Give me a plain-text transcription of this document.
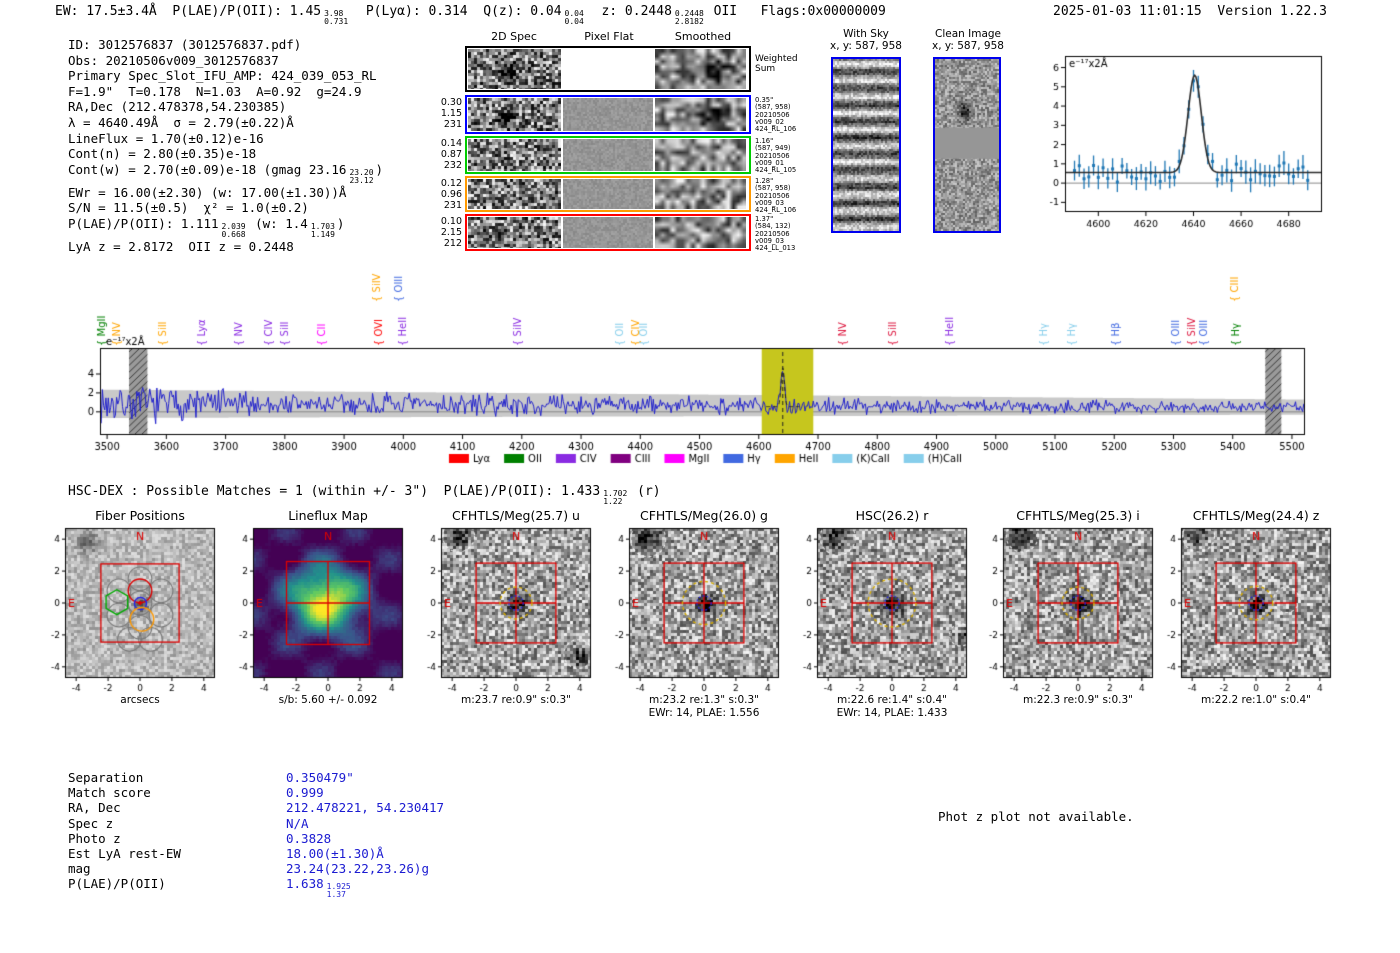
EW: 17.5±3.4Å  P(LAE)/P(OII): 1.45 3.98
0.731
P(Lyα): 0.314  Q(z): 0.04 0.04
0.04
z: 0.2448 0.2448
2.8182
OII   Flags:0x00000009	2025-01-03 11:01:15 Version 1.22.3
ID: 3012576837 (3012576837.pdf)
Obs: 20210506v009_3012576837
Primary Spec_Slot_IFU_AMP: 424_039_053_RL
F=1.9"  T=0.178  N=1.03  A=0.92  g=24.9
RA,Dec (212.478378,54.230385)
λ = 4640.49Å  σ = 2.79(±0.22)Å
LineFlux = 1.70(±0.12)e-16
Cont(n) = 2.80(±0.35)e-18
Cont(w) = 2.70(±0.09)e-18 (gmag 23.16 23.20
23.12
)
EWr = 16.00(±2.30) (w: 17.00(±1.30))Å
S/N = 11.5(±0.5)  χ² = 1.0(±0.2)
P(LAE)/P(OII): 1.111 2.039
0.668
(w: 1.4 1.703
1.149
)
LyA z = 2.8172  OII z = 0.2448
2D Spec	Pixel Flat	Smoothed
Weighted
Sum
0.30
1.15
231
0.35"
(587, 958)
20210506
v009_02
424_RL_106
0.14
0.87
232
1.16"
(587, 949)
20210506
v009_01
424_RL_105
0.12
0.96
231
1.28"
(587, 958)
20210506
v009_03
424_RL_106
0.10
2.15
212
1.37"
(584, 132)
20210506
v009_03
424_LL_013
With Sky
x, y: 587, 958
Clean Image
x, y: 587, 958
HSC-DEX : Possible Matches = 1 (within +/- 3")  P(LAE)/P(OII): 1.433 1.702
1.22
(r)
Fiber Positions
arcsecs
Lineflux Map
s/b: 5.60 +/- 0.092
CFHTLS/Meg(25.7) u
m:23.7 re:0.9" s:0.3"
CFHTLS/Meg(26.0) g
m:23.2 re:1.3" s:0.3"
EWr: 14, PLAE: 1.556
HSC(26.2) r
m:22.6 re:1.4" s:0.4"
EWr: 14, PLAE: 1.433
CFHTLS/Meg(25.3) i
m:22.3 re:0.9" s:0.3"
CFHTLS/Meg(24.4) z
m:22.2 re:1.0" s:0.4"
Separation	0.350479"
Match score	0.999
RA, Dec	212.478221, 54.230417
Spec z	N/A
Photo z	0.3828
Est LyA rest-EW	18.00(±1.30)Å
mag	23.24(23.22,23.26)g
P(LAE)/P(OII)	1.638 1.925
1.37
Phot z plot not available.
